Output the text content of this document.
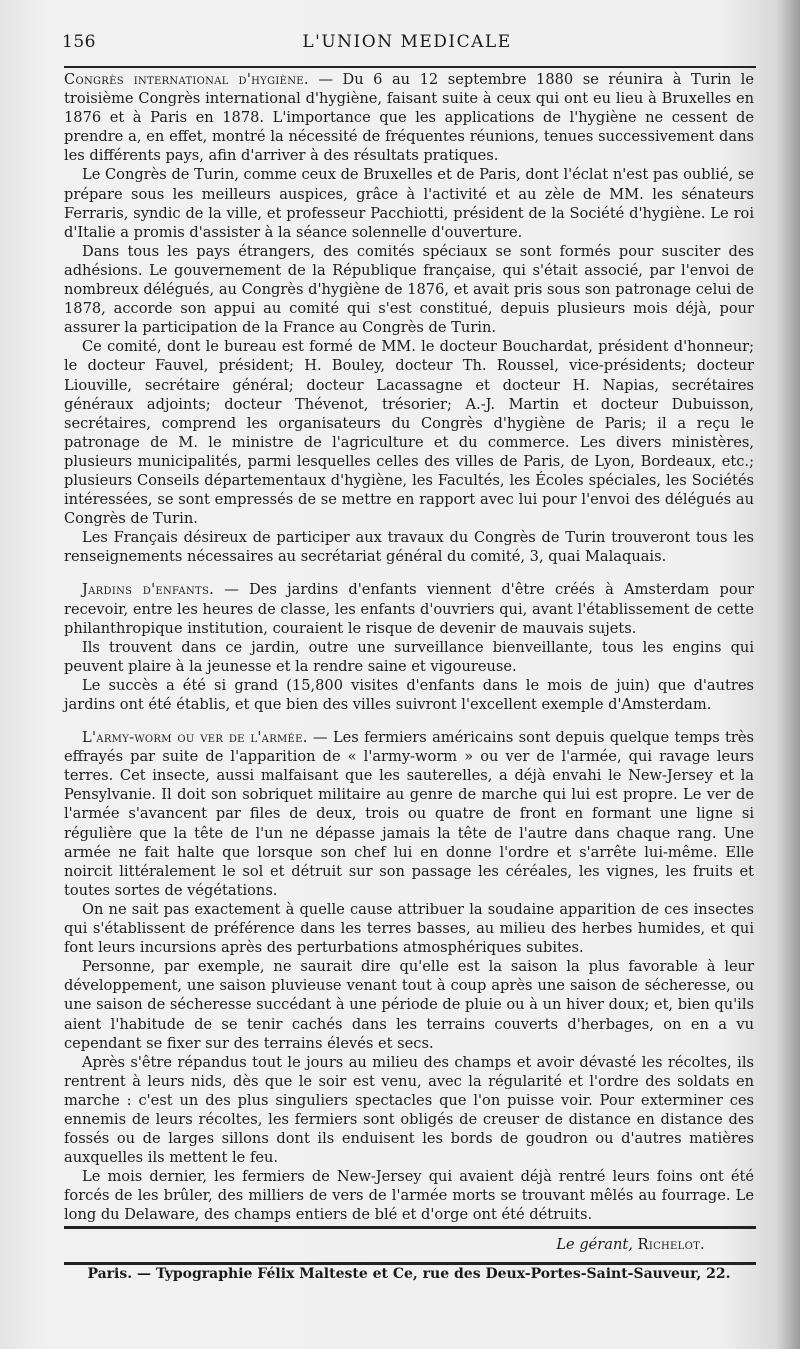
156	L'UNION MEDICALE

Congrès international d'hygiène. — Du 6 au 12 septembre 1880 se réunira à Turin le troisième Congrès international d'hygiène, faisant suite à ceux qui ont eu lieu à Bruxelles en 1876 et à Paris en 1878. L'importance que les applications de l'hygiène ne cessent de prendre a, en effet, montré la nécessité de fréquentes réunions, tenues successivement dans les différents pays, afin d'arriver à des résultats pratiques.

Le Congrès de Turin, comme ceux de Bruxelles et de Paris, dont l'éclat n'est pas oublié, se prépare sous les meilleurs auspices, grâce à l'activité et au zèle de MM. les sénateurs Ferraris, syndic de la ville, et professeur Pacchiotti, président de la Société d'hygiène. Le roi d'Italie a promis d'assister à la séance solennelle d'ouverture.

Dans tous les pays étrangers, des comités spéciaux se sont formés pour susciter des adhésions. Le gouvernement de la République française, qui s'était associé, par l'envoi de nombreux délégués, au Congrès d'hygiène de 1876, et avait pris sous son patronage celui de 1878, accorde son appui au comité qui s'est constitué, depuis plusieurs mois déjà, pour assurer la participation de la France au Congrès de Turin.

Ce comité, dont le bureau est formé de MM. le docteur Bouchardat, président d'honneur; le docteur Fauvel, président; H. Bouley, docteur Th. Roussel, vice-présidents; docteur Liouville, secrétaire général; docteur Lacassagne et docteur H. Napias, secrétaires généraux adjoints; docteur Thévenot, trésorier; A.-J. Martin et docteur Dubuisson, secrétaires, comprend les organisateurs du Congrès d'hygiène de Paris; il a reçu le patronage de M. le ministre de l'agriculture et du commerce. Les divers ministères, plusieurs municipalités, parmi lesquelles celles des villes de Paris, de Lyon, Bordeaux, etc.; plusieurs Conseils départementaux d'hygiène, les Facultés, les Écoles spéciales, les Sociétés intéressées, se sont empressés de se mettre en rapport avec lui pour l'envoi des délégués au Congrès de Turin.

Les Français désireux de participer aux travaux du Congrès de Turin trouveront tous les renseignements nécessaires au secrétariat général du comité, 3, quai Malaquais.

Jardins d'enfants. — Des jardins d'enfants viennent d'être créés à Amsterdam pour recevoir, entre les heures de classe, les enfants d'ouvriers qui, avant l'établissement de cette philanthropique institution, couraient le risque de devenir de mauvais sujets.

Ils trouvent dans ce jardin, outre une surveillance bienveillante, tous les engins qui peuvent plaire à la jeunesse et la rendre saine et vigoureuse.

Le succès a été si grand (15,800 visites d'enfants dans le mois de juin) que d'autres jardins ont été établis, et que bien des villes suivront l'excellent exemple d'Amsterdam.

L'army-worm ou ver de l'armée. — Les fermiers américains sont depuis quelque temps très effrayés par suite de l'apparition de « l'army-worm » ou ver de l'armée, qui ravage leurs terres. Cet insecte, aussi malfaisant que les sauterelles, a déjà envahi le New-Jersey et la Pensylvanie. Il doit son sobriquet militaire au genre de marche qui lui est propre. Le ver de l'armée s'avancent par files de deux, trois ou quatre de front en formant une ligne si régulière que la tête de l'un ne dépasse jamais la tête de l'autre dans chaque rang. Une armée ne fait halte que lorsque son chef lui en donne l'ordre et s'arrête lui-même. Elle noircit littéralement le sol et détruit sur son passage les céréales, les vignes, les fruits et toutes sortes de végétations.

On ne sait pas exactement à quelle cause attribuer la soudaine apparition de ces insectes qui s'établissent de préférence dans les terres basses, au milieu des herbes humides, et qui font leurs incursions après des perturbations atmosphériques subites.

Personne, par exemple, ne saurait dire qu'elle est la saison la plus favorable à leur développement, une saison pluvieuse venant tout à coup après une saison de sécheresse, ou une saison de sécheresse succédant à une période de pluie ou à un hiver doux; et, bien qu'ils aient l'habitude de se tenir cachés dans les terrains couverts d'herbages, on en a vu cependant se fixer sur des terrains élevés et secs.

Après s'être répandus tout le jours au milieu des champs et avoir dévasté les récoltes, ils rentrent à leurs nids, dès que le soir est venu, avec la régularité et l'ordre des soldats en marche : c'est un des plus singuliers spectacles que l'on puisse voir. Pour exterminer ces ennemis de leurs récoltes, les fermiers sont obligés de creuser de distance en distance des fossés ou de larges sillons dont ils enduisent les bords de goudron ou d'autres matières auxquelles ils mettent le feu.

Le mois dernier, les fermiers de New-Jersey qui avaient déjà rentré leurs foins ont été forcés de les brûler, des milliers de vers de l'armée morts se trouvant mêlés au fourrage. Le long du Delaware, des champs entiers de blé et d'orge ont été détruits.

Le gérant, Richelot.
Paris. — Typographie Félix Malteste et Ce, rue des Deux-Portes-Saint-Sauveur, 22.
